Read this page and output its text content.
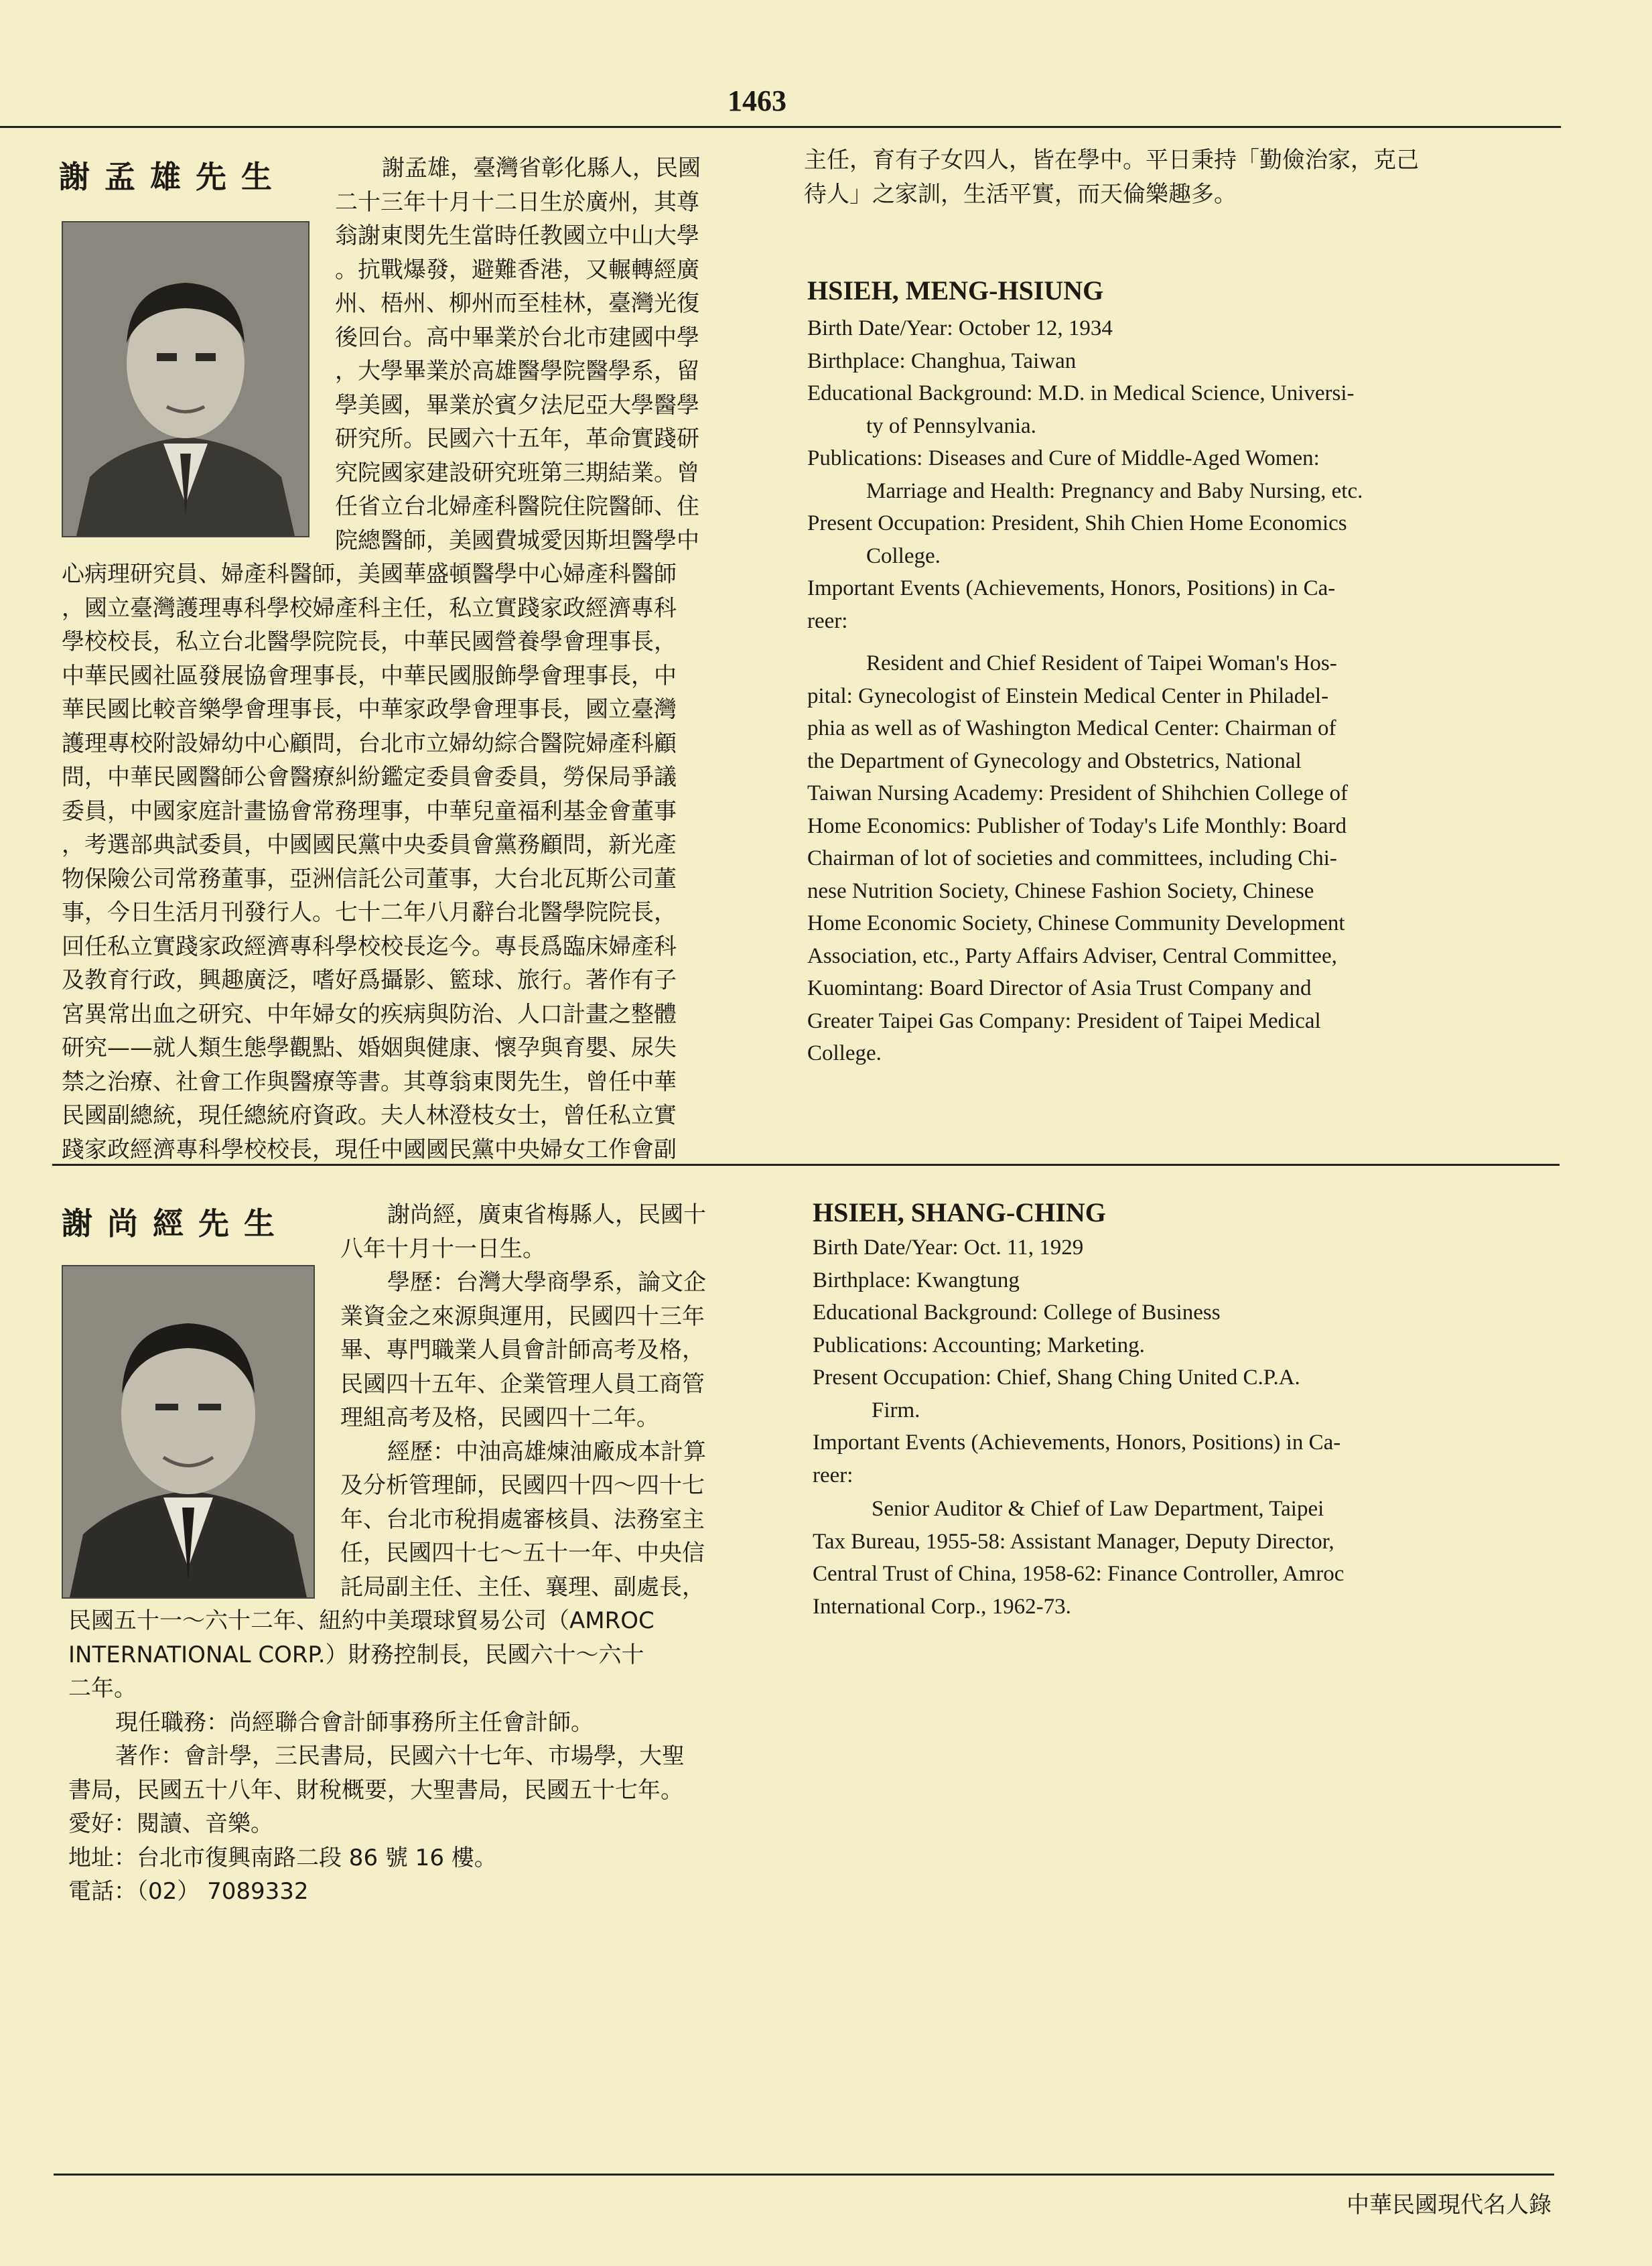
1463
謝孟雄先生	謝孟雄，臺灣省彰化縣人，民國
二十三年十月十二日生於廣州，其尊
翁謝東閔先生當時任教國立中山大學
。抗戰爆發，避難香港，又輾轉經廣
州、梧州、柳州而至桂林，臺灣光復
後回台。高中畢業於台北市建國中學
，大學畢業於高雄醫學院醫學系，留
學美國，畢業於賓夕法尼亞大學醫學
研究所。民國六十五年，革命實踐研
究院國家建設研究班第三期結業。曾
任省立台北婦產科醫院住院醫師、住
院總醫師，美國費城愛因斯坦醫學中
心病理研究員、婦產科醫師，美國華盛頓醫學中心婦產科醫師
，國立臺灣護理專科學校婦產科主任，私立實踐家政經濟專科
學校校長，私立台北醫學院院長，中華民國營養學會理事長，
中華民國社區發展協會理事長，中華民國服飾學會理事長，中
華民國比較音樂學會理事長，中華家政學會理事長，國立臺灣
護理專校附設婦幼中心顧問，台北市立婦幼綜合醫院婦產科顧
問，中華民國醫師公會醫療糾紛鑑定委員會委員，勞保局爭議
委員，中國家庭計畫協會常務理事，中華兒童福利基金會董事
，考選部典試委員，中國國民黨中央委員會黨務顧問，新光產
物保險公司常務董事，亞洲信託公司董事，大台北瓦斯公司董
事，今日生活月刊發行人。七十二年八月辭台北醫學院院長，
回任私立實踐家政經濟專科學校校長迄今。專長爲臨床婦產科
及教育行政，興趣廣泛，嗜好爲攝影、籃球、旅行。著作有子
宮異常出血之研究、中年婦女的疾病與防治、人口計畫之整體
研究——就人類生態學觀點、婚姻與健康、懷孕與育嬰、尿失
禁之治療、社會工作與醫療等書。其尊翁東閔先生，曾任中華
民國副總統，現任總統府資政。夫人林澄枝女士，曾任私立實
踐家政經濟專科學校校長，現任中國國民黨中央婦女工作會副
主任，育有子女四人，皆在學中。平日秉持「勤儉治家，克己
待人」之家訓，生活平實，而天倫樂趣多。
HSIEH, MENG-HSIUNG
Birth Date/Year: October 12, 1934
Birthplace: Changhua, Taiwan
Educational Background: M.D. in Medical Science, Universi-
ty of Pennsylvania.
Publications: Diseases and Cure of Middle-Aged Women:
Marriage and Health: Pregnancy and Baby Nursing, etc.
Present Occupation: President, Shih Chien Home Economics
College.
Important Events (Achievements, Honors, Positions) in Ca-
reer:
Resident and Chief Resident of Taipei Woman's Hos-
pital: Gynecologist of Einstein Medical Center in Philadel-
phia as well as of Washington Medical Center: Chairman of
the Department of Gynecology and Obstetrics, National
Taiwan Nursing Academy: President of Shihchien College of
Home Economics: Publisher of Today's Life Monthly: Board
Chairman of lot of societies and committees, including Chi-
nese Nutrition Society, Chinese Fashion Society, Chinese
Home Economic Society, Chinese Community Development
Association, etc., Party Affairs Adviser, Central Committee,
Kuomintang: Board Director of Asia Trust Company and
Greater Taipei Gas Company: President of Taipei Medical
College.
謝尚經先生	謝尚經，廣東省梅縣人，民國十
八年十月十一日生。
學歷：台灣大學商學系，論文企
業資金之來源與運用，民國四十三年
畢、專門職業人員會計師高考及格，
民國四十五年、企業管理人員工商管
理組高考及格，民國四十二年。
經歷：中油高雄煉油廠成本計算
及分析管理師，民國四十四～四十七
年、台北市稅捐處審核員、法務室主
任，民國四十七～五十一年、中央信
託局副主任、主任、襄理、副處長，
民國五十一～六十二年、紐約中美環球貿易公司（AMROC
INTERNATIONAL CORP.）財務控制長，民國六十～六十
二年。
現任職務：尚經聯合會計師事務所主任會計師。
著作：會計學，三民書局，民國六十七年、市場學，大聖
書局，民國五十八年、財稅概要，大聖書局，民國五十七年。
愛好：閱讀、音樂。
地址：台北市復興南路二段 86 號 16 樓。
電話：（02） 7089332
HSIEH, SHANG-CHING
Birth Date/Year: Oct. 11, 1929
Birthplace: Kwangtung
Educational Background: College of Business
Publications: Accounting; Marketing.
Present Occupation: Chief, Shang Ching United C.P.A.
Firm.
Important Events (Achievements, Honors, Positions) in Ca-
reer:
Senior Auditor & Chief of Law Department, Taipei
Tax Bureau, 1955-58: Assistant Manager, Deputy Director,
Central Trust of China, 1958-62: Finance Controller, Amroc
International Corp., 1962-73.
中華民國現代名人錄
